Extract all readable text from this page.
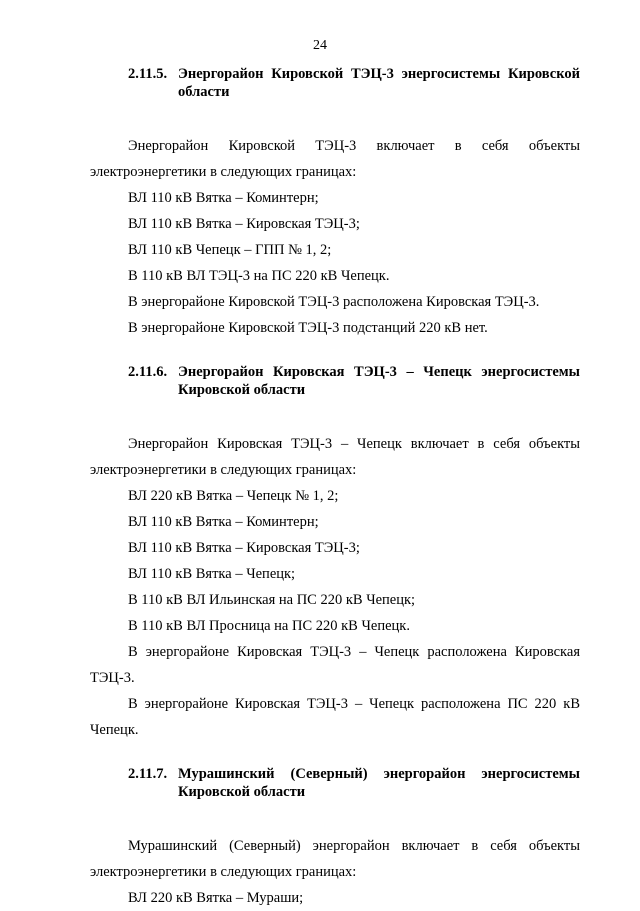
24
2.11.5. Энергорайон Кировской ТЭЦ-3 энергосистемы Кировской области

Энергорайон Кировской ТЭЦ-3 включает в себя объекты электроэнергетики в следующих границах:

ВЛ 110 кВ Вятка – Коминтерн;

ВЛ 110 кВ Вятка – Кировская ТЭЦ-3;

ВЛ 110 кВ Чепецк – ГПП № 1, 2;

В 110 кВ ВЛ ТЭЦ-3 на ПС 220 кВ Чепецк.

В энергорайоне Кировской ТЭЦ-3 расположена Кировская ТЭЦ-3.

В энергорайоне Кировской ТЭЦ-3 подстанций 220 кВ нет.

2.11.6. Энергорайон Кировская ТЭЦ-3 – Чепецк энергосистемы Кировской области

Энергорайон Кировская ТЭЦ-3 – Чепецк включает в себя объекты электроэнергетики в следующих границах:

ВЛ 220 кВ Вятка – Чепецк № 1, 2;

ВЛ 110 кВ Вятка – Коминтерн;

ВЛ 110 кВ Вятка – Кировская ТЭЦ-3;

ВЛ 110 кВ Вятка – Чепецк;

В 110 кВ ВЛ Ильинская на ПС 220 кВ Чепецк;

В 110 кВ ВЛ Просница на ПС 220 кВ Чепецк.

В энергорайоне Кировская ТЭЦ-3 – Чепецк расположена Кировская ТЭЦ-3.

В энергорайоне Кировская ТЭЦ-3 – Чепецк расположена ПС 220 кВ Чепецк.

2.11.7. Мурашинский (Северный) энергорайон энергосистемы Кировской области

Мурашинский (Северный) энергорайон включает в себя объекты электроэнергетики в следующих границах:

ВЛ 220 кВ Вятка – Мураши;
